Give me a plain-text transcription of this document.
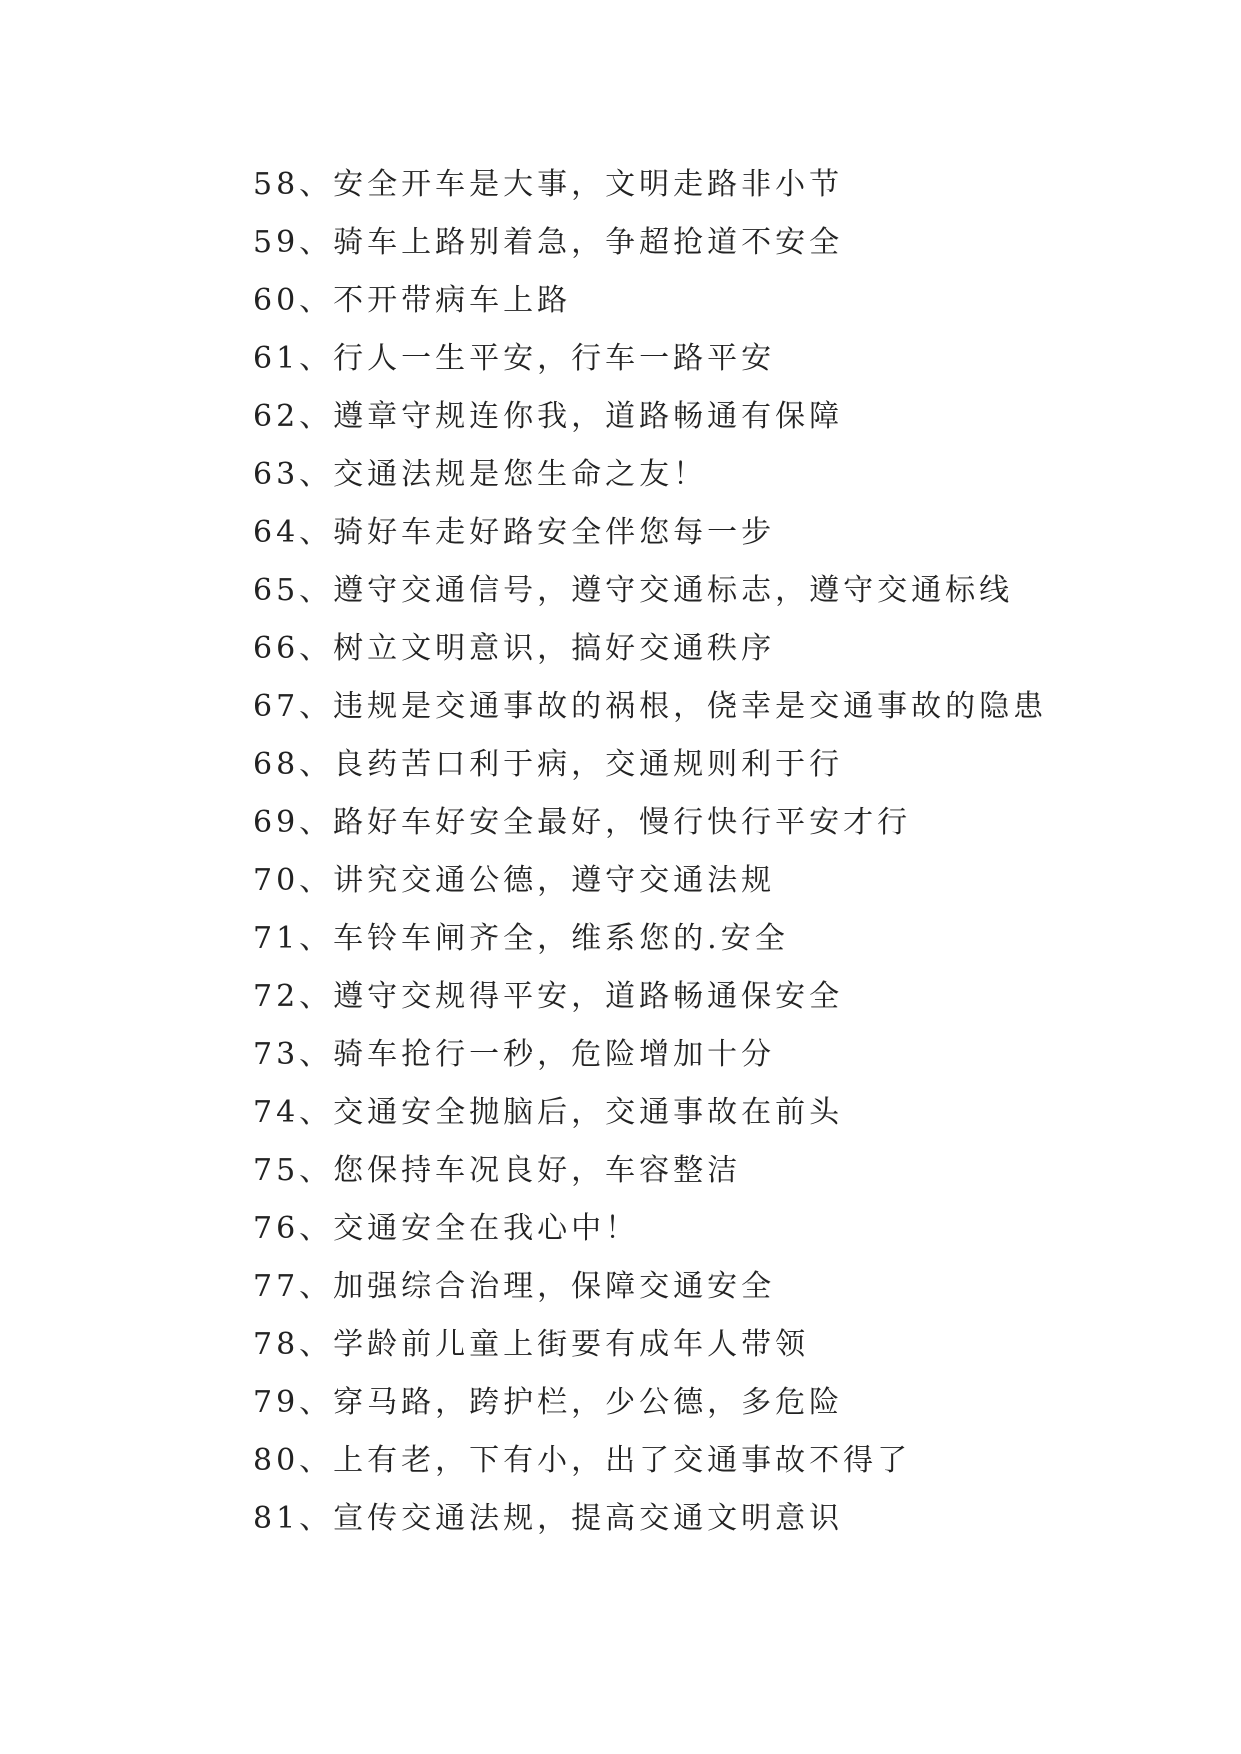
58、安全开车是大事，文明走路非小节
59、骑车上路别着急，争超抢道不安全
60、不开带病车上路
61、行人一生平安，行车一路平安
62、遵章守规连你我，道路畅通有保障
63、交通法规是您生命之友！
64、骑好车走好路安全伴您每一步
65、遵守交通信号，遵守交通标志，遵守交通标线
66、树立文明意识，搞好交通秩序
67、违规是交通事故的祸根，侥幸是交通事故的隐患
68、良药苦口利于病，交通规则利于行
69、路好车好安全最好，慢行快行平安才行
70、讲究交通公德，遵守交通法规
71、车铃车闸齐全，维系您的.安全
72、遵守交规得平安，道路畅通保安全
73、骑车抢行一秒，危险增加十分
74、交通安全抛脑后，交通事故在前头
75、您保持车况良好，车容整洁
76、交通安全在我心中！
77、加强综合治理，保障交通安全
78、学龄前儿童上街要有成年人带领
79、穿马路，跨护栏，少公德，多危险
80、上有老，下有小，出了交通事故不得了
81、宣传交通法规，提高交通文明意识
